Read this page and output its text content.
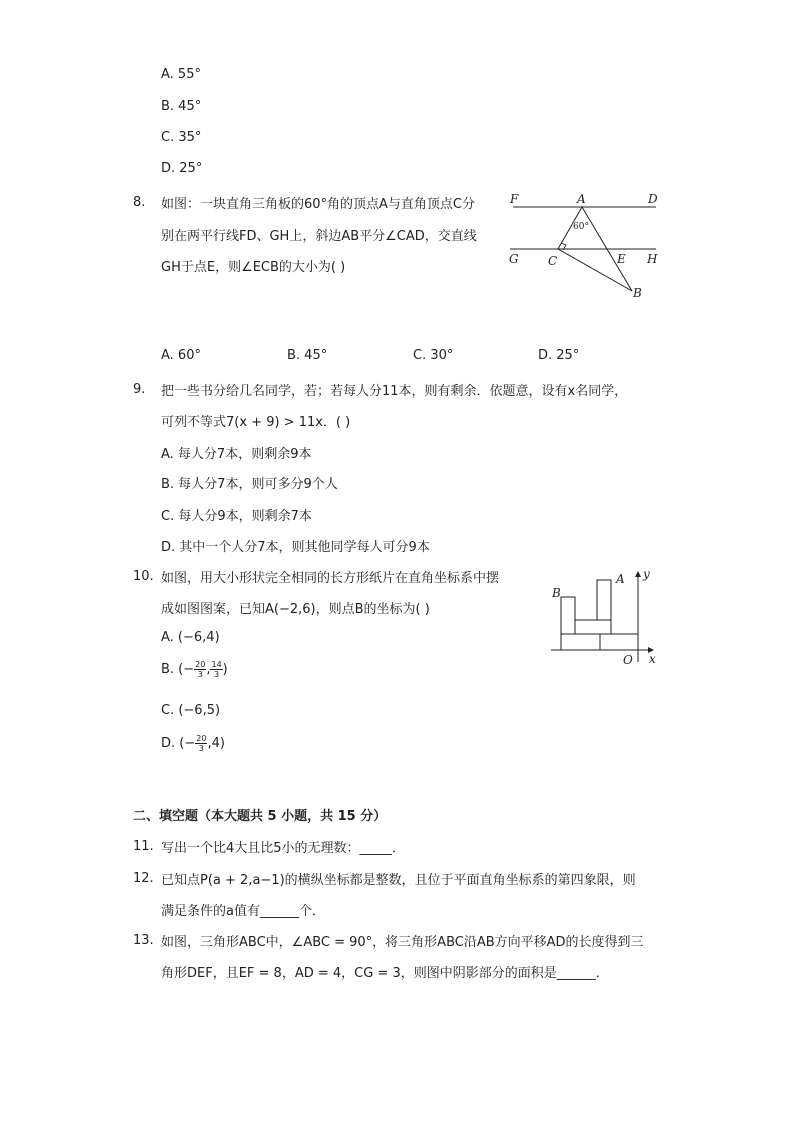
A. 55°
B. 45°
C. 35°
D. 25°
8. 如图：一块直角三角板的60°角的顶点A与直角顶点C分
别在两平行线FD、GH上，斜边AB平分∠CAD，交直线
GH于点E，则∠ECB的大小为( )
F	A	D
G C	E H
B
60°
A. 60°	B. 45°	C. 30°	D. 25°
9. 把一些书分给几名同学，若；若每人分11本，则有剩余．依题意，设有x名同学，
可列不等式7(x + 9) > 11x．( )
A. 每人分7本，则剩余9本
B. 每人分7本，则可多分9个人
C. 每人分9本，则剩余7本
D. 其中一个人分7本，则其他同学每人可分9本
10. 如图，用大小形状完全相同的长方形纸片在直角坐标系中摆
成如图图案，已知A(−2,6)，则点B的坐标为( )
B
A y
O x
A. (−6,4)
B. (− $\frac{20}{3}$ , $\frac{14}{3}$ )
C. (−6,5)
D. (− $\frac{20}{3} ,4$)
二、填空题（本大题共 5 小题，共 15 分）
11. 写出一个比4大且比5小的无理数：_____．
12. 已知点P(a + 2,a−1)的横纵坐标都是整数，且位于平面直角坐标系的第四象限，则
满足条件的a值有______个．
13. 如图，三角形ABC中，∠ABC = 90°，将三角形ABC沿AB方向平移AD的长度得到三
角形DEF，且EF = 8，AD = 4，CG = 3，则图中阴影部分的面积是______．
